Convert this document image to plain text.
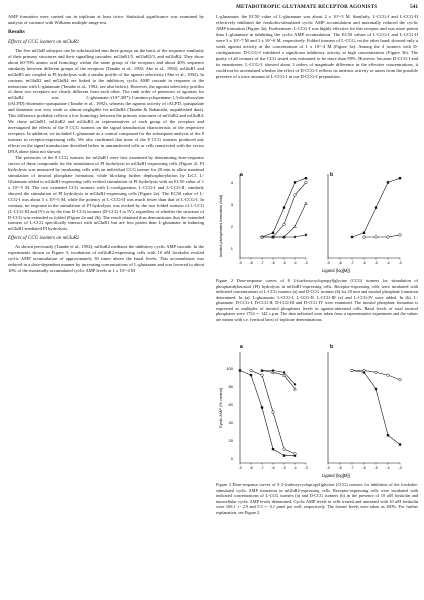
METABOTROPIC GLUTAMATE RECEPTOR AGONISTS	541

AMP formation were carried out in triplicate at least twice. Statistical significance was examined by analysis of variance with Williams multiple-range test.

Results
Effects of CCG isomers on mGluR1

The five mGluR subtypes can be subclassified into three groups on the basis of the sequence similarity of their primary structures and their signalling cascades: mGluR1/5, mGluR2/3, and mGluR4. They show about 60-70% amino acid homology within the same group of the receptors and about 40% sequence similarity between different groups of the receptors (Tanabe et al., 1992; Abe et al., 1992). mGluR1 and mGluR5 are coupled to PI hydrolysis with a similar profile of the agonist selectivity (Abe et al., 1992). In contrast, mGluR2 and mGluR4 are linked to the inhibitory cyclic AMP cascade in response to the interaction with L-glutamate (Tanabe et al., 1992; see also below). However, the agonist selectivity profiles of these two receptors are clearly different from each other. The rank order of potencies of agonists for mGluR2 was L-glutamate>(1S*,3R*)-1-aminocyclopentane-1,3-dicarboxylate (tACPD)>ibotenate>quisqualate (Tanabe et al., 1992), whereas the agonist activity of tACPD, quisqualate and ibotenate was very weak or almost negligible for mGluR4 (Tanabe & Nakanishi, unpublished data). This difference probably reflects a low homology between the primary structures of mGluR2 and mGluR4. We chose mGluR1, mGluR2 and mGluR4 as representatives of each group of the receptors and investigated the effects of the 8 CCG isomers on the signal transduction characteristic of the respective receptors. In addition, we included L-glutamate as a control compound for the subsequent analysis of the 8 isomers in receptor-expressing cells. We also confirmed that none of the 8 CCG isomers produced any effects on the signal transduction described below in untransfected cells or cells transfected with the vector DNA alone (data not shown).

The potencies of the 8 CCG isomers for mGluR1 were first examined by determining dose-response curves of these compounds for the stimulation of PI hydrolysis in mGluR1-expressing cells (Figure 2). PI hydrolysis was measured by incubating cells with an individual CCG isomer for 20 min to allow maximal stimulation of inositol phosphate formation, while blocking further dephosphorylation by LiCl. L-Glutamate added to mGluR1-expressing cells evoked stimulation of PI hydrolysis with an EC50 value of 1 x 10^-5 M. The two extended CCG isomers with L-configuration, L-CCG-I and L-CCG-II, similarly showed the stimulation of PI hydrolysis in mGluR1-expressing cells (Figure 2a). The EC50 value of L-CCG-I was about 5 x 10^-5 M, while the potency of L-CCG-II was much lower than that of L-CCG-I. In contrast, no response in the stimulation of PI hydrolysis was evoked by the two folded isomers of L-CCG (L-CCG-III and IV) or by the four D-CCG isomers (D-CCG-I to IV), regardless of whether the structure of D-CCG was extended or folded (Figure 2a and 2b). The result obtained thus demonstrates that the extended isomers of L-CCG specifically interact with mGluR1 but are less potent than L-glutamate in inducing mGluR1-mediated PI hydrolysis.

Effects of CCG isomers on mGluR2

As shown previously (Tanabe et al., 1992), mGluR2 mediates the inhibitory cyclic AMP cascade. In the experiments shown in Figure 3, incubation of mGluR2-expressing cells with 10 uM forskolin evoked cyclic AMP accumulation of approximately 30 times above the basal levels. This accumulation was reduced in a dose-dependent manner by increasing concentrations of L-glutamate and was lowered to about 10% of the maximally accumulated cyclic AMP levels at 1 x 10^-4 M

L-glutamate; the EC50 value of L-glutamate was about 2 x 10^-5 M. Similarly, L-CCG-I and L-CCG-II effectively inhibited the forskolin-stimulated cyclic AMP accumulation and maximally reduced the cyclic AMP formation (Figure 3a). Furthermore, L-CCG-I was highly effective for this receptor and was more potent than L-glutamate in inhibiting the cyclic AMP accumulation. The EC50 values of L-CCG-I and L-CCG-II were 3 x 10^-7 M and 3 x 10^-6 M, respectively. Folded isomers of L-CCG, on the other hand, showed only a weak agonist activity at the concentration of 1 x 10^-4 M (Figure 3a). Among the 4 isomers with D-configuration, D-CCG-I exhibited a significant inhibitory activity at high concentrations (Figure 3b). The purity of all isomers of the CCG tested was estimated to be more than 99%. However, because D-CCG-I and its enantiomer, L-CCG-I, showed about 3 orders of magnitude difference in the effective concentrations, it could not be ascertained whether the effect of D-CCG-I reflects its intrinsic activity or arises from the possible presence of a trace amount of L-CCG-I in our D-CCG-I preparation.

Inositol phosphates formation (fold) 1
2
3
4
a	b
-9 -8 -7 -6 -5 -4 -3	-9 -8 -7 -6 -5 -4 -3
Ligand (log[M])
Figure 2 Dose-response curves of 8 2-(carboxycyclopropyl)glycine (CCG) isomers for stimulation of phosphatidylinositol (PI) hydrolysis in mGluR1-expressing cells. Receptor-expressing cells were incubated with indicated concentrations of L-CCG isomers (a) and D-CCG isomers (b) for 20 min and inositol phosphate formation determined. In (a), L-glutamate, L-CCG-I, L-CCG-II, L-CCG-III (x) and L-CCG-IV were added. In (b), L-glutamate, D-CCG-I, D-CCG-II, D-CCG-III and D-CCG-IV were examined. The inositol phosphate formation is expressed as multiples of inositol phosphates levels in agonist-untreated cells. Basal levels of total inositol phosphates were 1754 +- 142 c.p.m. The data indicated were taken from a representative experiment and the values are means with s.e. (vertical bars) of triplicate determinations.
Cyclic AMP (% control)
0
20
40
60
80
100
a	b
-9 -8 -7 -6 -5 -4 -3	-9 -8 -7 -6 -5 -4 -3
Ligand (log[M])
Figure 3 Dose-response curves of 8 2-(carboxycyclopropyl)glycine (CCG) isomers for inhibition of the forskolin-stimulated cyclic AMP formation in mGluR2-expressing cells. Receptor-expressing cells were incubated with indicated concentrations of L-CCG isomers (a) and D-CCG isomers (b) in the presence of 10 uM forskolin and intracellular cyclic AMP levels determined. Cyclic AMP levels in cells treated and untreated with 10 uM forskolin were 169.1 +- 2.9 and 5.5 +- 0.1 pmol per well, respectively. The former levels were taken as 100%. For further explanation, see Figure 2.
